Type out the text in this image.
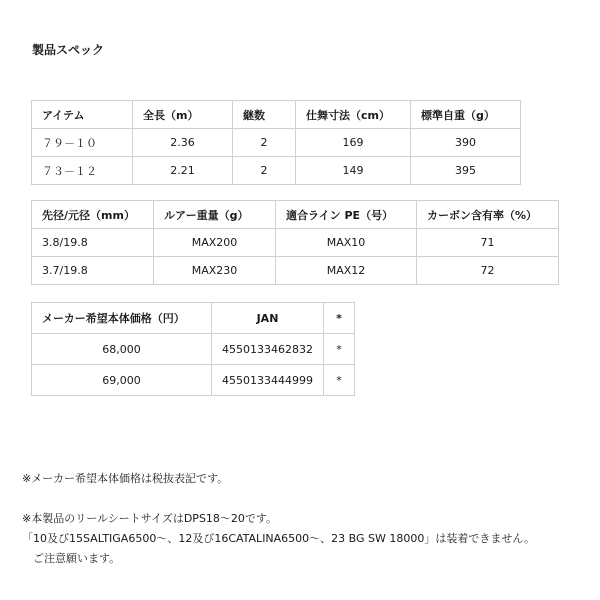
製品スペック
アイテム	全長（m）	継数	仕舞寸法（cm）	標準自重（g）
７９－１０	2.36	2	169	390
７３－１２	2.21	2	149	395
先径/元径（mm）	ルアー重量（g）	適合ライン PE（号）	カーボン含有率（%）
3.8/19.8	MAX200	MAX10	71
3.7/19.8	MAX230	MAX12	72
メーカー希望本体価格（円）	JAN	*
68,000	4550133462832	*
69,000	4550133444999	*

※メーカー希望本体価格は税抜表記です。

※本製品のリールシートサイズはDPS18～20です。
「10及び15SALTIGA6500～、12及び16CATALINA6500～、23 BG SW 18000」は装着できません。
　ご注意願います。
